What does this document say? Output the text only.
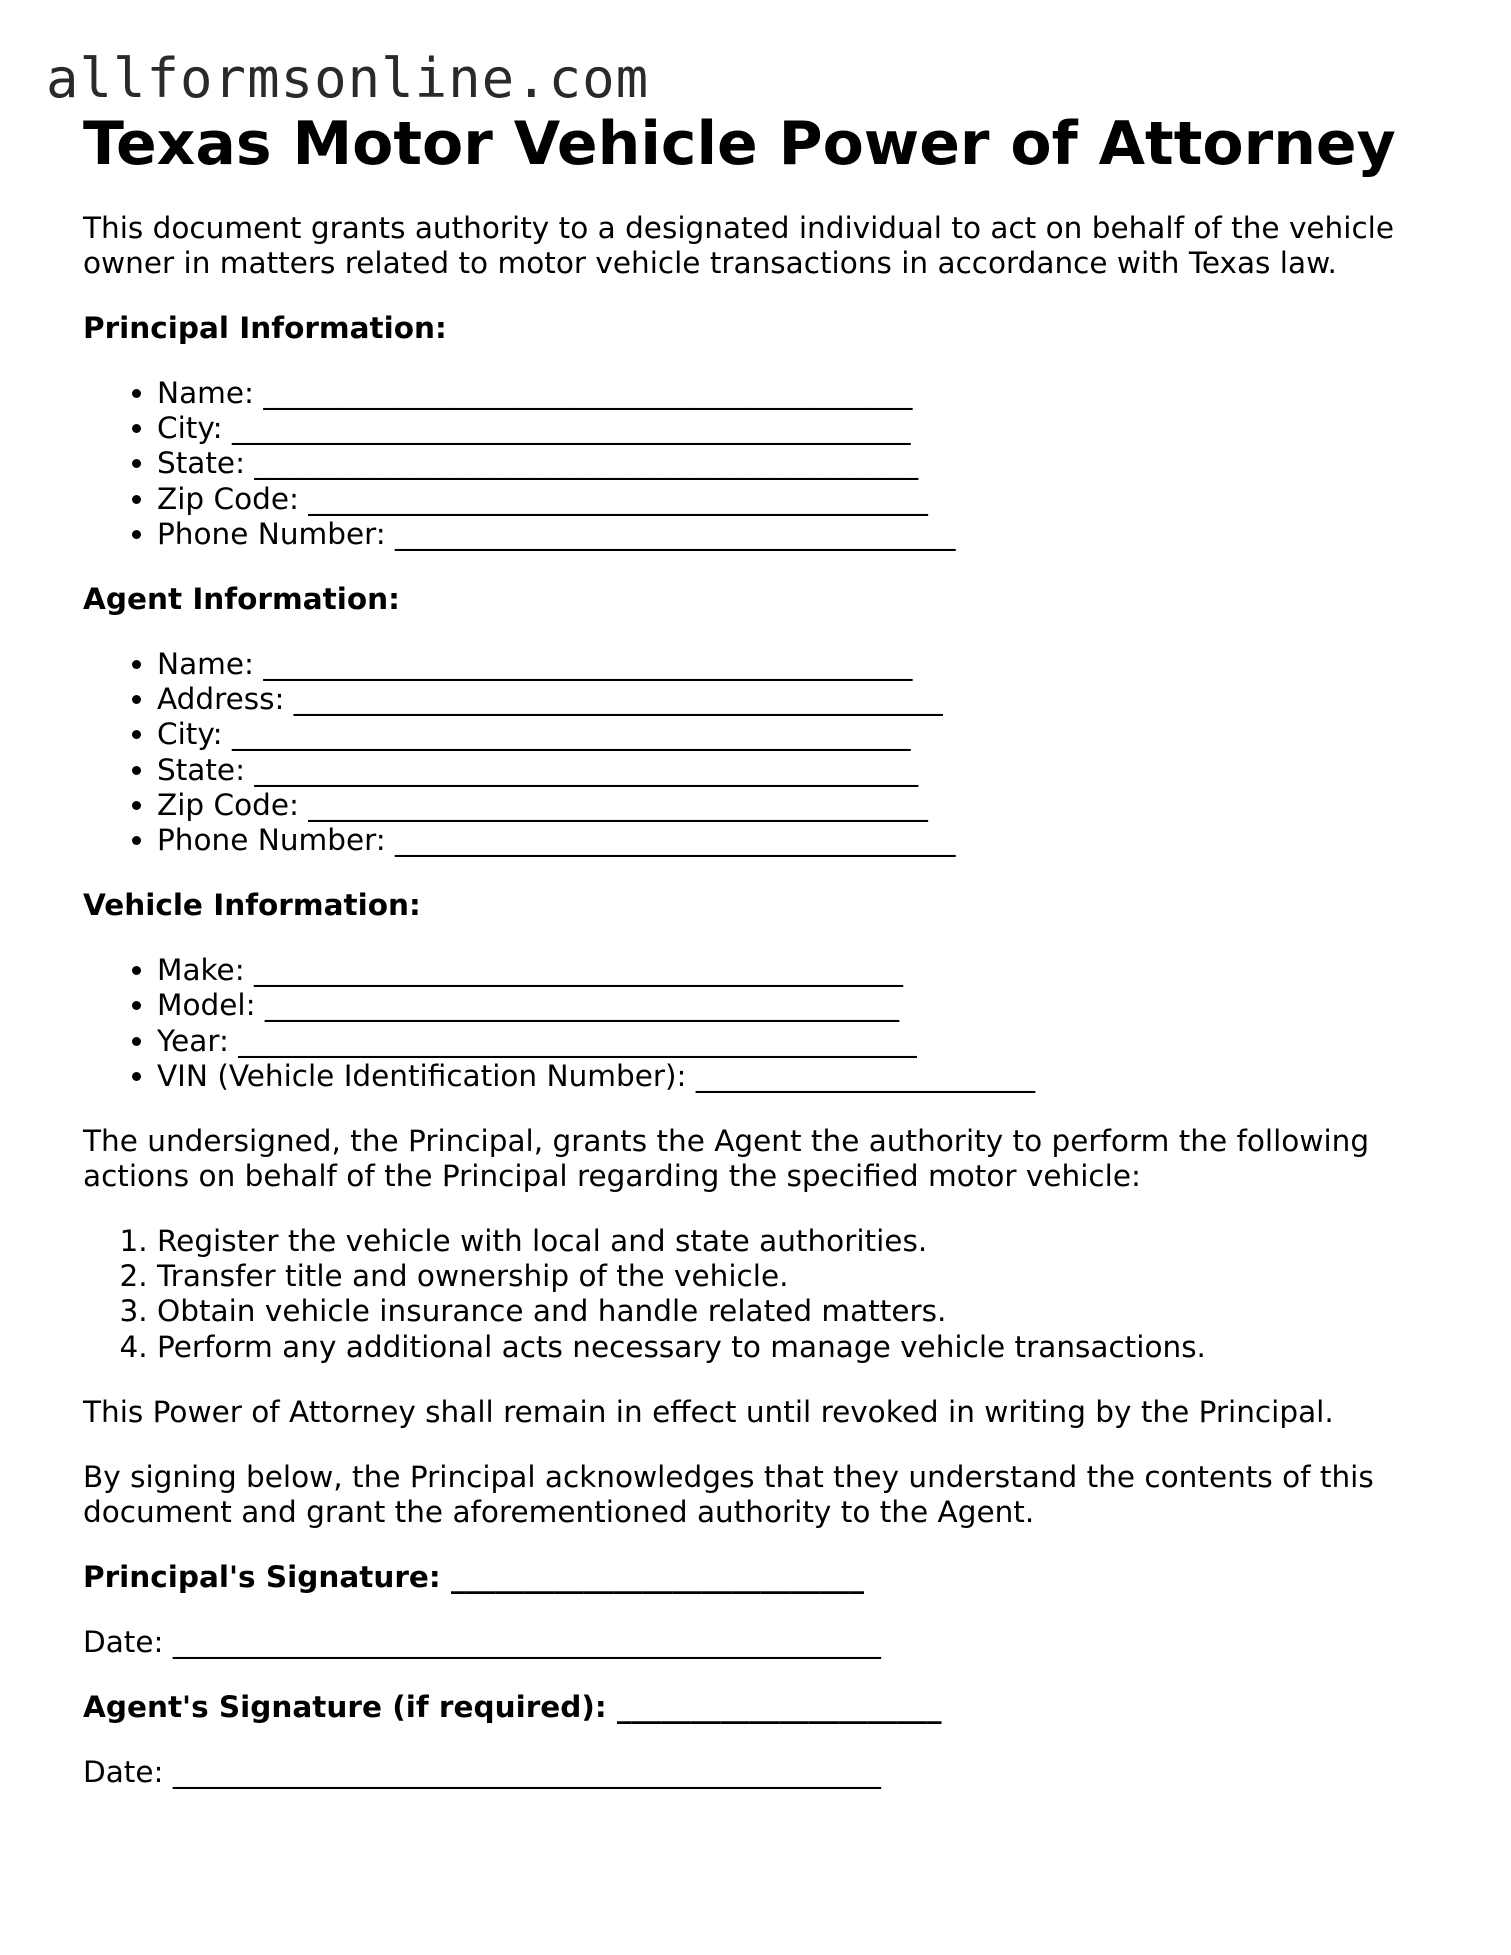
allformsonline.com
Texas Motor Vehicle Power of Attorney

This document grants authority to a designated individual to act on behalf of the vehicle owner in matters related to motor vehicle transactions in accordance with Texas law.

Principal Information:
• Name: ____________________________________________
• City: ______________________________________________
• State: _____________________________________________
• Zip Code: __________________________________________
• Phone Number: ______________________________________
Agent Information:
• Name: ____________________________________________
• Address: ____________________________________________
• City: ______________________________________________
• State: _____________________________________________
• Zip Code: __________________________________________
• Phone Number: ______________________________________
Vehicle Information:
• Make: ____________________________________________
• Model: ___________________________________________
• Year: ______________________________________________
• VIN (Vehicle Identification Number): _______________________

The undersigned, the Principal, grants the Agent the authority to perform the following actions on behalf of the Principal regarding the specified motor vehicle:

1. Register the vehicle with local and state authorities.
2. Transfer title and ownership of the vehicle.
3. Obtain vehicle insurance and handle related matters.
4. Perform any additional acts necessary to manage vehicle transactions.

This Power of Attorney shall remain in effect until revoked in writing by the Principal.

By signing below, the Principal acknowledges that they understand the contents of this document and grant the aforementioned authority to the Agent.

Principal's Signature: ____________________________
Date: ________________________________________________
Agent's Signature (if required): ______________________
Date: ________________________________________________
